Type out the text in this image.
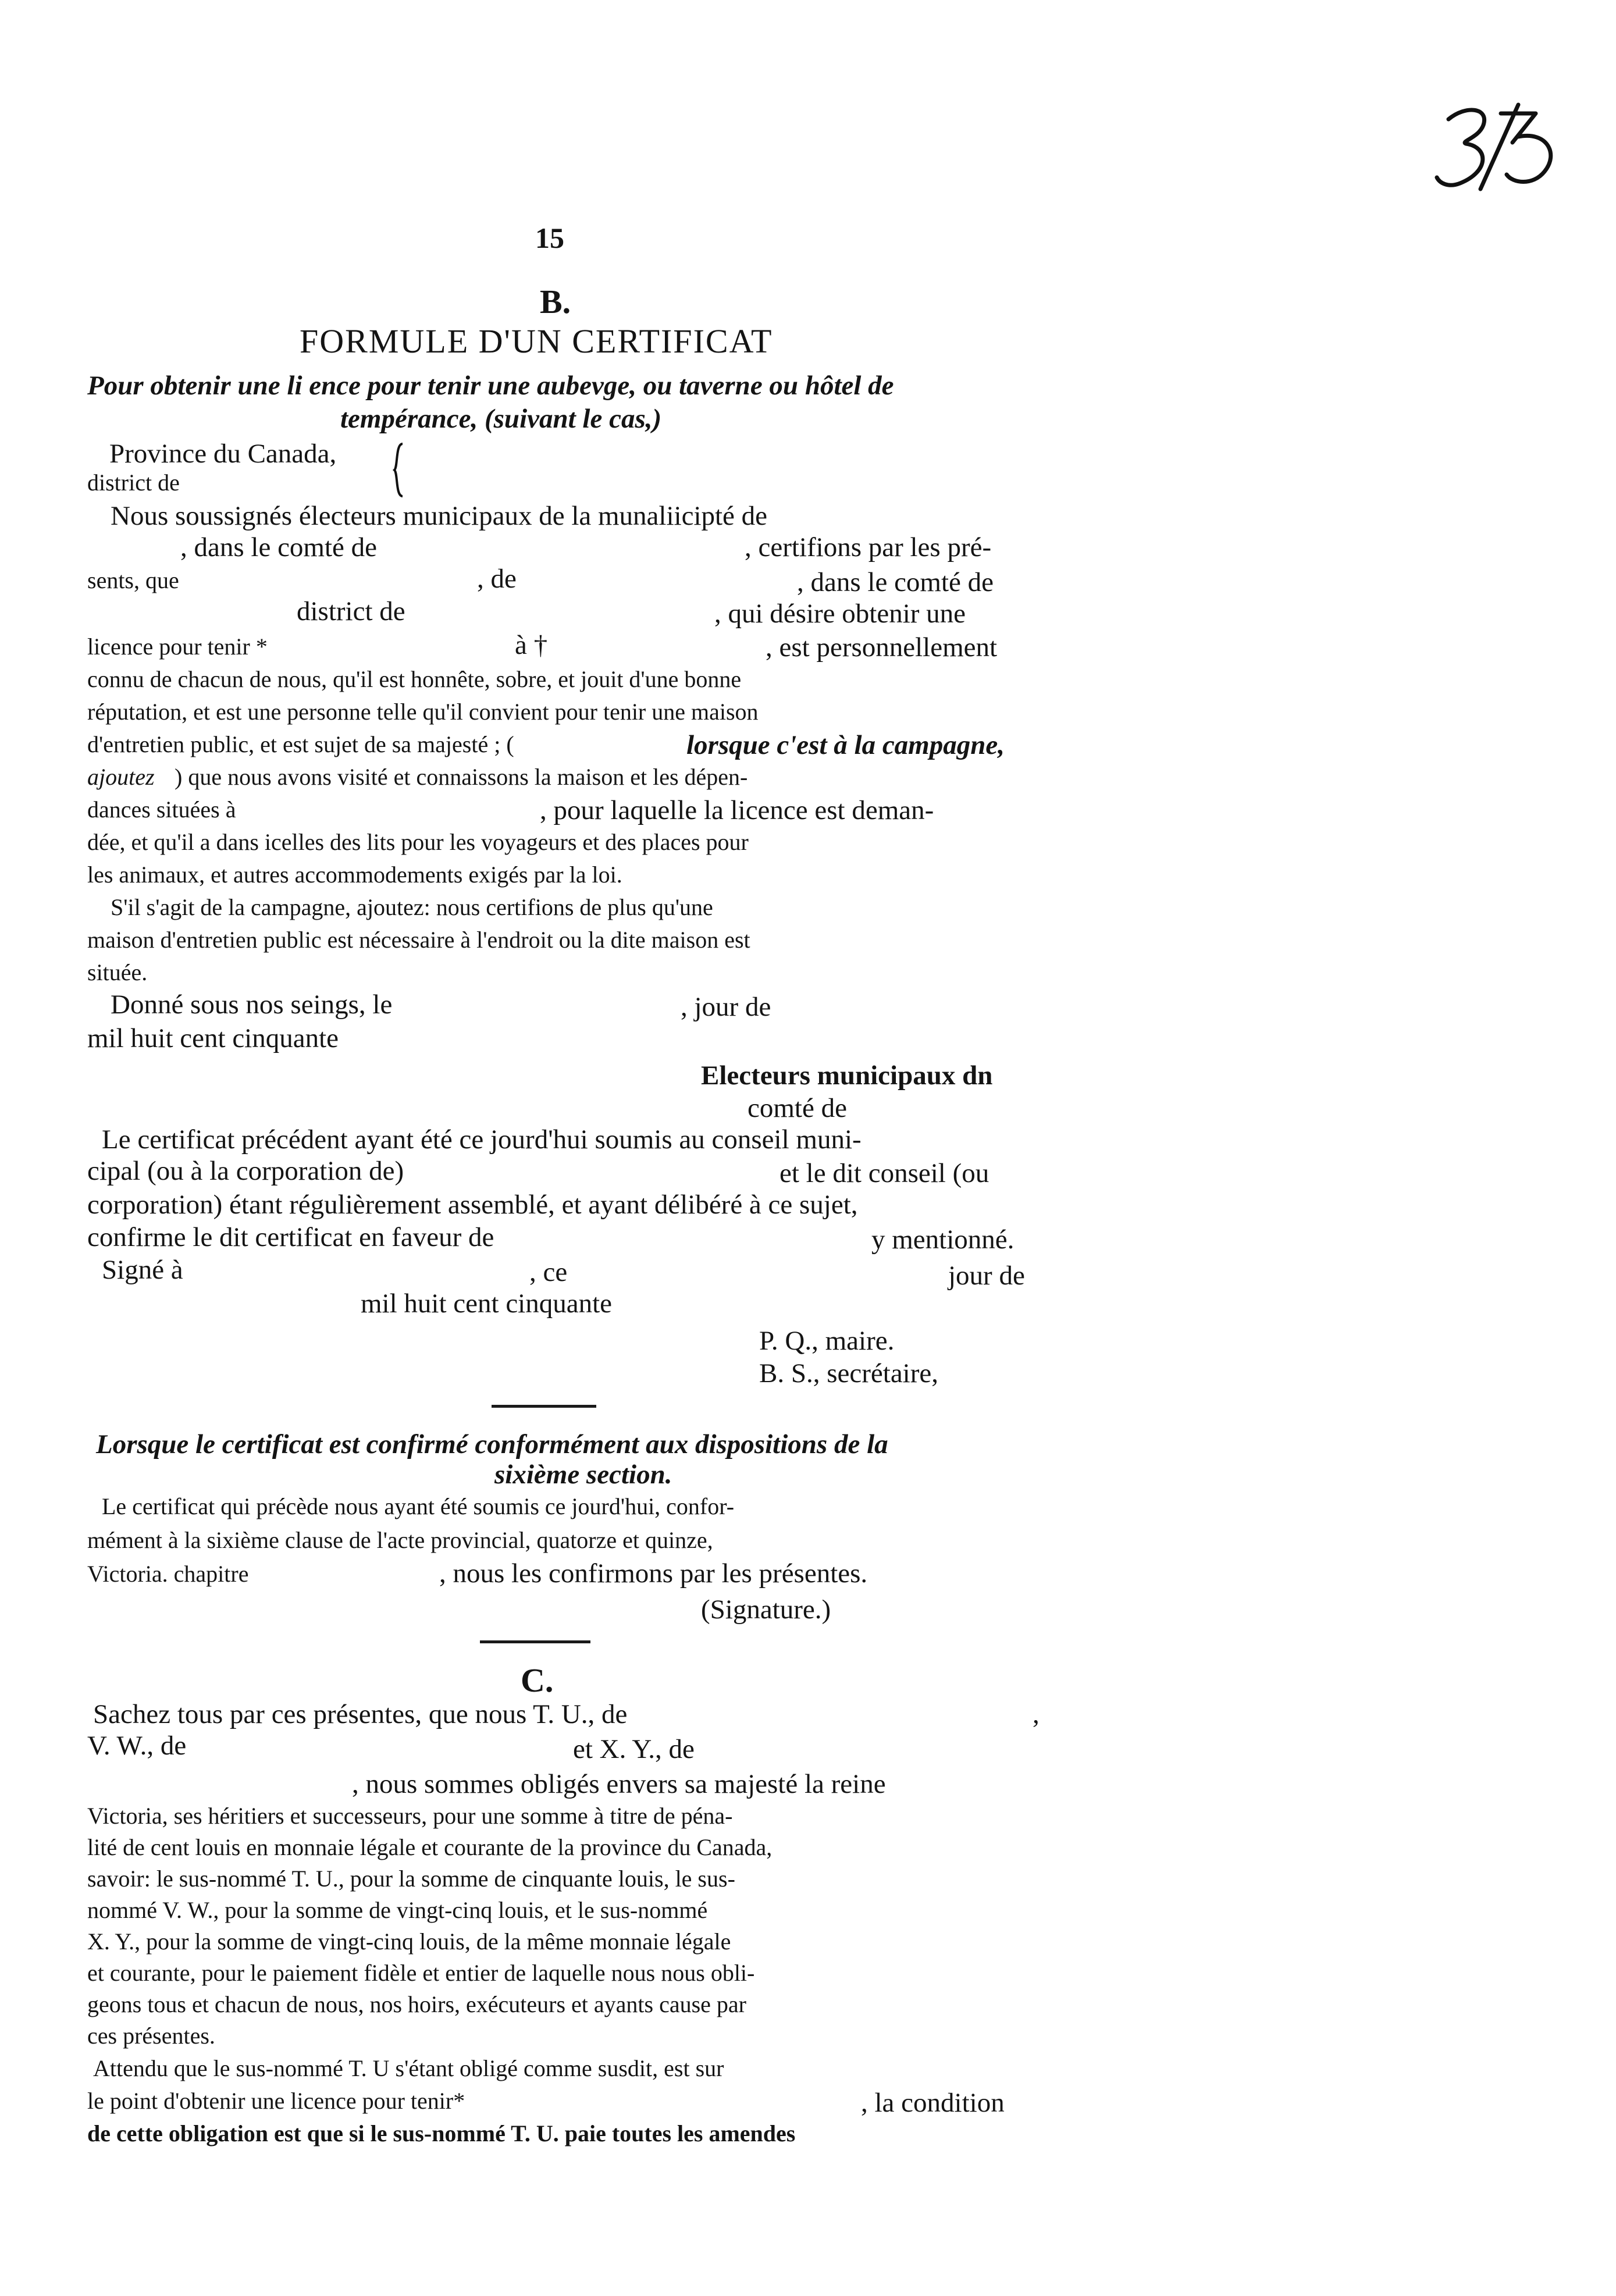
15
B.
FORMULE D'UN CERTIFICAT
Pour obtenir une li ence pour tenir une aubevge, ou taverne ou hôtel de
tempérance, (suivant le cas,)
Province du Canada,
district de
Nous soussignés électeurs municipaux de la munaliicipté de
, dans le comté de	, certifions par les pré-
sents, que	, de	, dans le comté de
district de	, qui désire obtenir une
licence pour tenir *	à †	, est personnellement
connu de chacun de nous, qu'il est honnête, sobre, et jouit d'une bonne
réputation, et est une personne telle qu'il convient pour tenir une maison
d'entretien public, et est sujet de sa majesté ; (	lorsque c'est à la campagne,
ajoutez ) que nous avons visité et connaissons la maison et les dépen-
dances situées à	, pour laquelle la licence est deman-
dée, et qu'il a dans icelles des lits pour les voyageurs et des places pour
les animaux, et autres accommodements exigés par la loi.
S'il s'agit de la campagne, ajoutez: nous certifions de plus qu'une
maison d'entretien public est nécessaire à l'endroit ou la dite maison est
située.
Donné sous nos seings, le	, jour de
mil huit cent cinquante
Electeurs municipaux dn
comté de
Le certificat précédent ayant été ce jourd'hui soumis au conseil muni-
cipal (ou à la corporation de)	et le dit conseil (ou
corporation) étant régulièrement assemblé, et ayant délibéré à ce sujet,
confirme le dit certificat en faveur de	y mentionné.
Signé à	, ce	jour de
mil huit cent cinquante
P. Q., maire.
B. S., secrétaire,
Lorsque le certificat est confirmé conformément aux dispositions de la
sixième section.
Le certificat qui précède nous ayant été soumis ce jourd'hui, confor-
mément à la sixième clause de l'acte provincial, quatorze et quinze,
Victoria. chapitre	, nous les confirmons par les présentes.
(Signature.)
C.
Sachez tous par ces présentes, que nous T. U., de	,
V. W., de	et X. Y., de
, nous sommes obligés envers sa majesté la reine
Victoria, ses héritiers et successeurs, pour une somme à titre de péna-
lité de cent louis en monnaie légale et courante de la province du Canada,
savoir: le sus-nommé T. U., pour la somme de cinquante louis, le sus-
nommé V. W., pour la somme de vingt-cinq louis, et le sus-nommé
X. Y., pour la somme de vingt-cinq louis, de la même monnaie légale
et courante, pour le paiement fidèle et entier de laquelle nous nous obli-
geons tous et chacun de nous, nos hoirs, exécuteurs et ayants cause par
ces présentes.
Attendu que le sus-nommé T. U s'étant obligé comme susdit, est sur
le point d'obtenir une licence pour tenir*	, la condition
de cette obligation est que si le sus-nommé T. U. paie toutes les amendes
